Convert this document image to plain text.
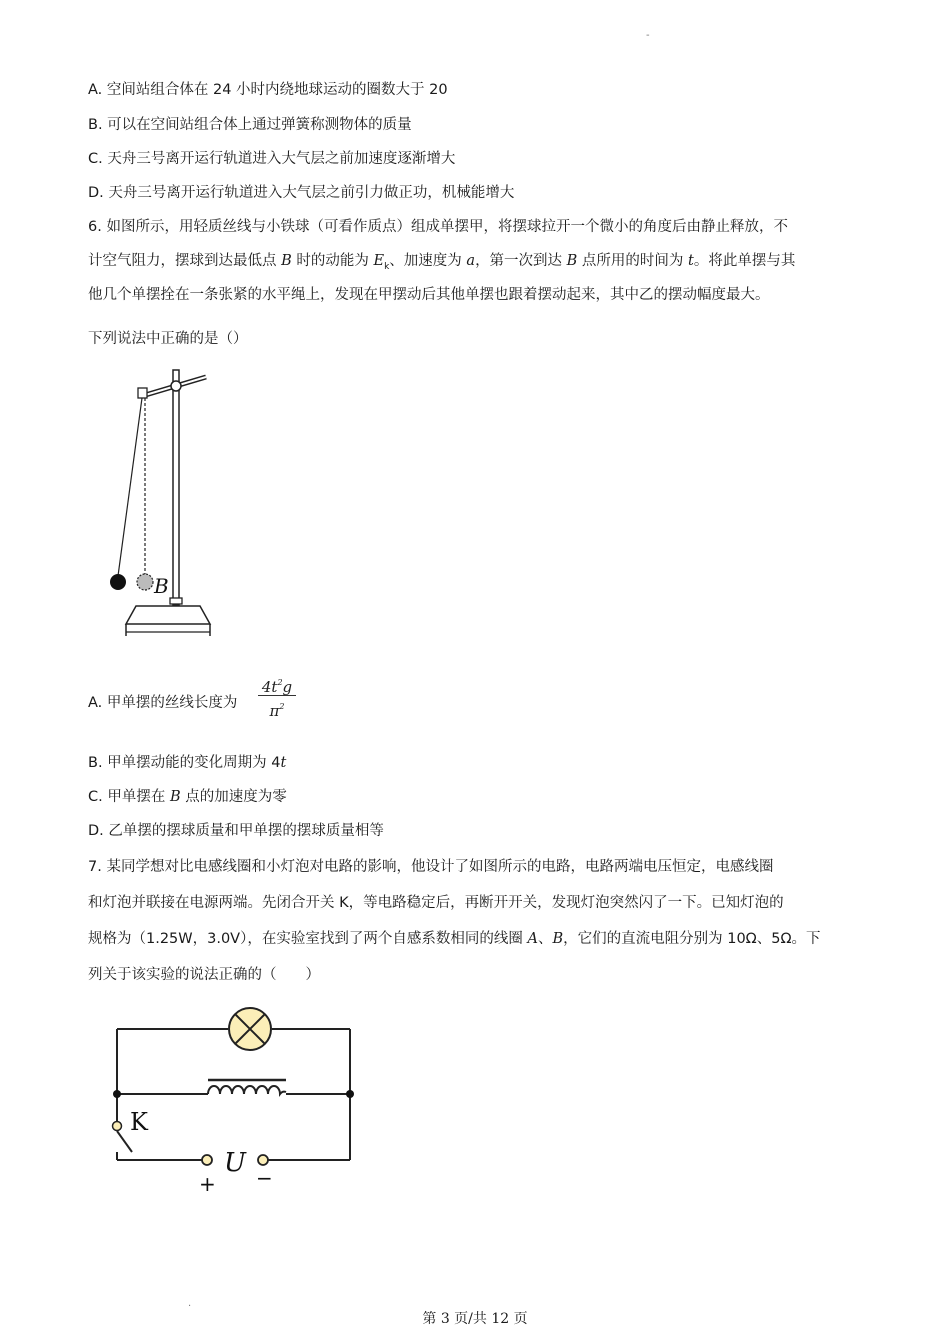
-
A. 空间站组合体在 24 小时内绕地球运动的圈数大于 20
B. 可以在空间站组合体上通过弹簧称测物体的质量
C. 天舟三号离开运行轨道进入大气层之前加速度逐渐增大
D. 天舟三号离开运行轨道进入大气层之前引力做正功，机械能增大
6. 如图所示，用轻质丝线与小铁球（可看作质点）组成单摆甲，将摆球拉开一个微小的角度后由静止释放，不
计空气阻力，摆球到达最低点 B 时的动能为 $E_k$、加速度为 a，第一次到达 B 点所用的时间为 t。将此单摆与其
他几个单摆拴在一条张紧的水平绳上，发现在甲摆动后其他单摆也跟着摆动起来，其中乙的摆动幅度最大。
下列说法中正确的是（）
B
A. 甲单摆的丝线长度为
$4t^2g$
$\pi^2$
B. 甲单摆动能的变化周期为 4t
C. 甲单摆在 B 点的加速度为零
D. 乙单摆的摆球质量和甲单摆的摆球质量相等
7. 某同学想对比电感线圈和小灯泡对电路的影响，他设计了如图所示的电路，电路两端电压恒定，电感线圈
和灯泡并联接在电源两端。先闭合开关 K，等电路稳定后，再断开开关，发现灯泡突然闪了一下。已知灯泡的
规格为（1.25W，3.0V），在实验室找到了两个自感系数相同的线圈 A、B，它们的直流电阻分别为 10Ω、5Ω。下
列关于该实验的说法正确的（　　）
K
U
+ −
.
第 3 页/共 12 页
